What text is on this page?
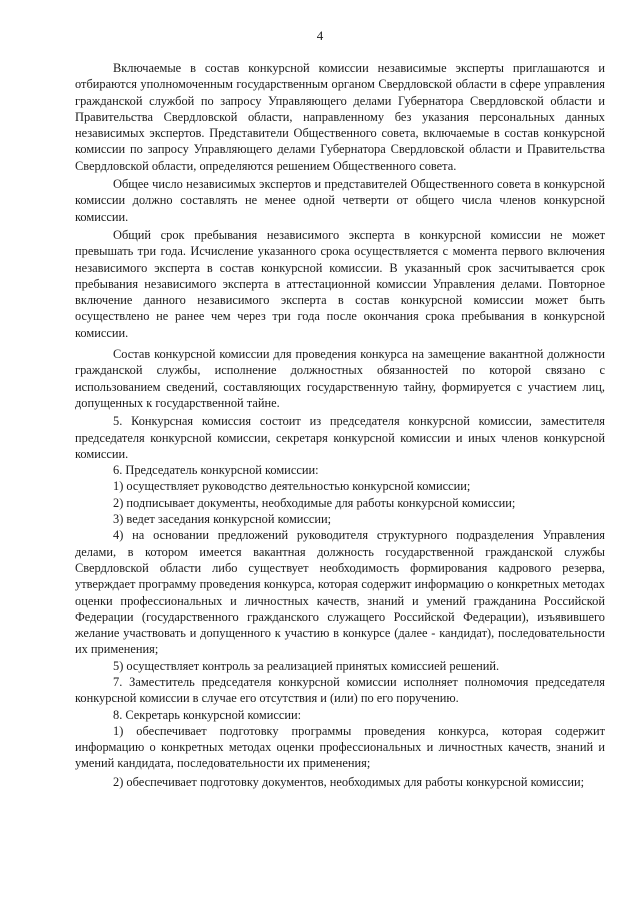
4

Включаемые в состав конкурсной комиссии независимые эксперты приглашаются и отбираются уполномоченным государственным органом Свердловской области в сфере управления гражданской службой по запросу Управляющего делами Губернатора Свердловской области и Правительства Свердловской области, направленному без указания персональных данных независимых экспертов. Представители Общественного совета, включаемые в состав конкурсной комиссии по запросу Управляющего делами Губернатора Свердловской области и Правительства Свердловской области, определяются решением Общественного совета.

Общее число независимых экспертов и представителей Общественного совета в конкурсной комиссии должно составлять не менее одной четверти от общего числа членов конкурсной комиссии.

Общий срок пребывания независимого эксперта в конкурсной комиссии не может превышать три года. Исчисление указанного срока осуществляется с момента первого включения независимого эксперта в состав конкурсной комиссии. В указанный срок засчитывается срок пребывания независимого эксперта в аттестационной комиссии Управления делами. Повторное включение данного независимого эксперта в состав конкурсной комиссии может быть осуществлено не ранее чем через три года после окончания срока пребывания в конкурсной комиссии.

Состав конкурсной комиссии для проведения конкурса на замещение вакантной должности гражданской службы, исполнение должностных обязанностей по которой связано с использованием сведений, составляющих государственную тайну, формируется с участием лиц, допущенных к государственной тайне.

5. Конкурсная комиссия состоит из председателя конкурсной комиссии, заместителя председателя конкурсной комиссии, секретаря конкурсной комиссии и иных членов конкурсной комиссии.

6. Председатель конкурсной комиссии:

1) осуществляет руководство деятельностью конкурсной комиссии;

2) подписывает документы, необходимые для работы конкурсной комиссии;

3) ведет заседания конкурсной комиссии;

4) на основании предложений руководителя структурного подразделения Управления делами, в котором имеется вакантная должность государственной гражданской службы Свердловской области либо существует необходимость формирования кадрового резерва, утверждает программу проведения конкурса, которая содержит информацию о конкретных методах оценки профессиональных и личностных качеств, знаний и умений гражданина Российской Федерации (государственного гражданского служащего Российской Федерации), изъявившего желание участвовать и допущенного к участию в конкурсе (далее - кандидат), последовательности их применения;

5) осуществляет контроль за реализацией принятых комиссией решений.

7. Заместитель председателя конкурсной комиссии исполняет полномочия председателя конкурсной комиссии в случае его отсутствия и (или) по его поручению.

8. Секретарь конкурсной комиссии:

1) обеспечивает подготовку программы проведения конкурса, которая содержит информацию о конкретных методах оценки профессиональных и личностных качеств, знаний и умений кандидата, последовательности их применения;

2) обеспечивает подготовку документов, необходимых для работы конкурсной комиссии;
